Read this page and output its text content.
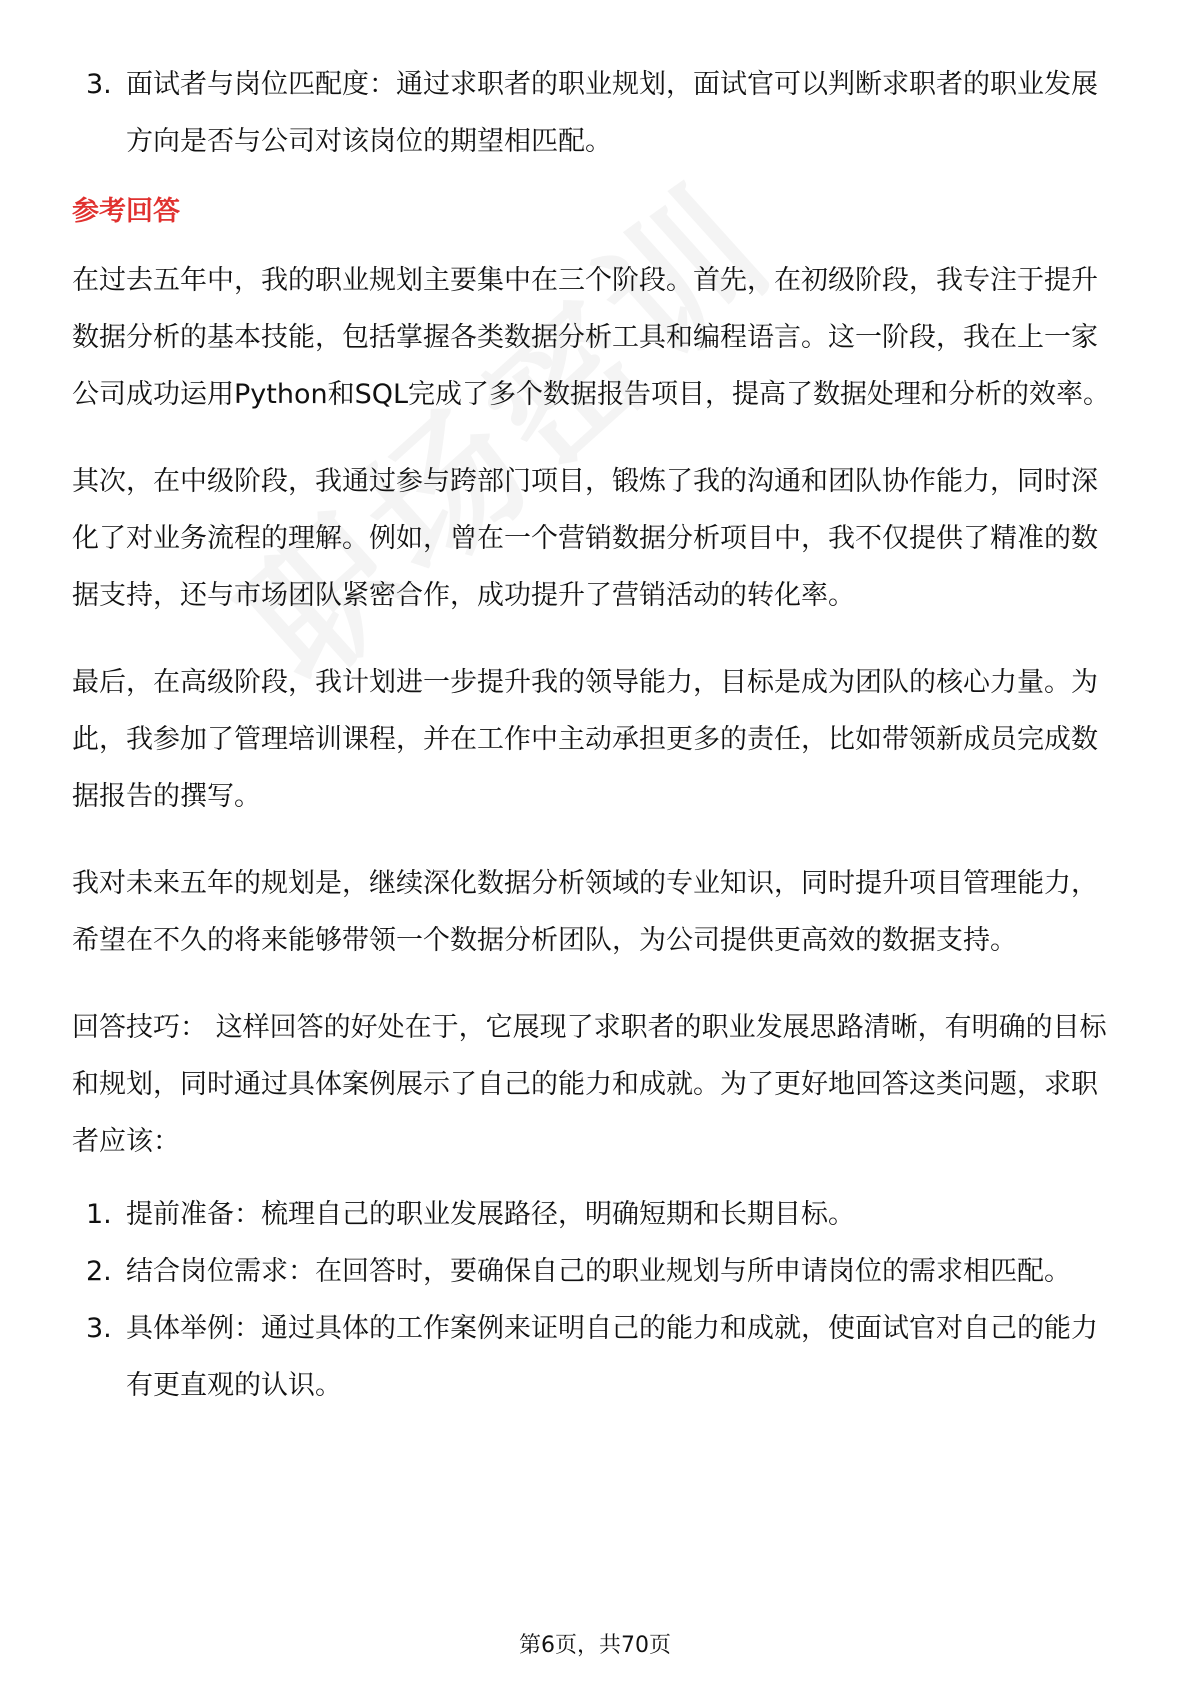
3. 面试者与岗位匹配度：通过求职者的职业规划，面试官可以判断求职者的职业发展方向是否与公司对该岗位的期望相匹配。
参考回答

在过去五年中，我的职业规划主要集中在三个阶段。首先，在初级阶段，我专注于提升数据分析的基本技能，包括掌握各类数据分析工具和编程语言。这一阶段，我在上一家公司成功运用Python和SQL完成了多个数据报告项目，提高了数据处理和分析的效率。

其次，在中级阶段，我通过参与跨部门项目，锻炼了我的沟通和团队协作能力，同时深化了对业务流程的理解。例如，曾在一个营销数据分析项目中，我不仅提供了精准的数据支持，还与市场团队紧密合作，成功提升了营销活动的转化率。

最后，在高级阶段，我计划进一步提升我的领导能力，目标是成为团队的核心力量。为此，我参加了管理培训课程，并在工作中主动承担更多的责任，比如带领新成员完成数据报告的撰写。

我对未来五年的规划是，继续深化数据分析领域的专业知识，同时提升项目管理能力，希望在不久的将来能够带领一个数据分析团队，为公司提供更高效的数据支持。

回答技巧： 这样回答的好处在于，它展现了求职者的职业发展思路清晰，有明确的目标和规划，同时通过具体案例展示了自己的能力和成就。为了更好地回答这类问题，求职者应该：

1. 提前准备：梳理自己的职业发展路径，明确短期和长期目标。
2. 结合岗位需求：在回答时，要确保自己的职业规划与所申请岗位的需求相匹配。
3. 具体举例：通过具体的工作案例来证明自己的能力和成就，使面试官对自己的能力有更直观的认识。
第6页，共70页
